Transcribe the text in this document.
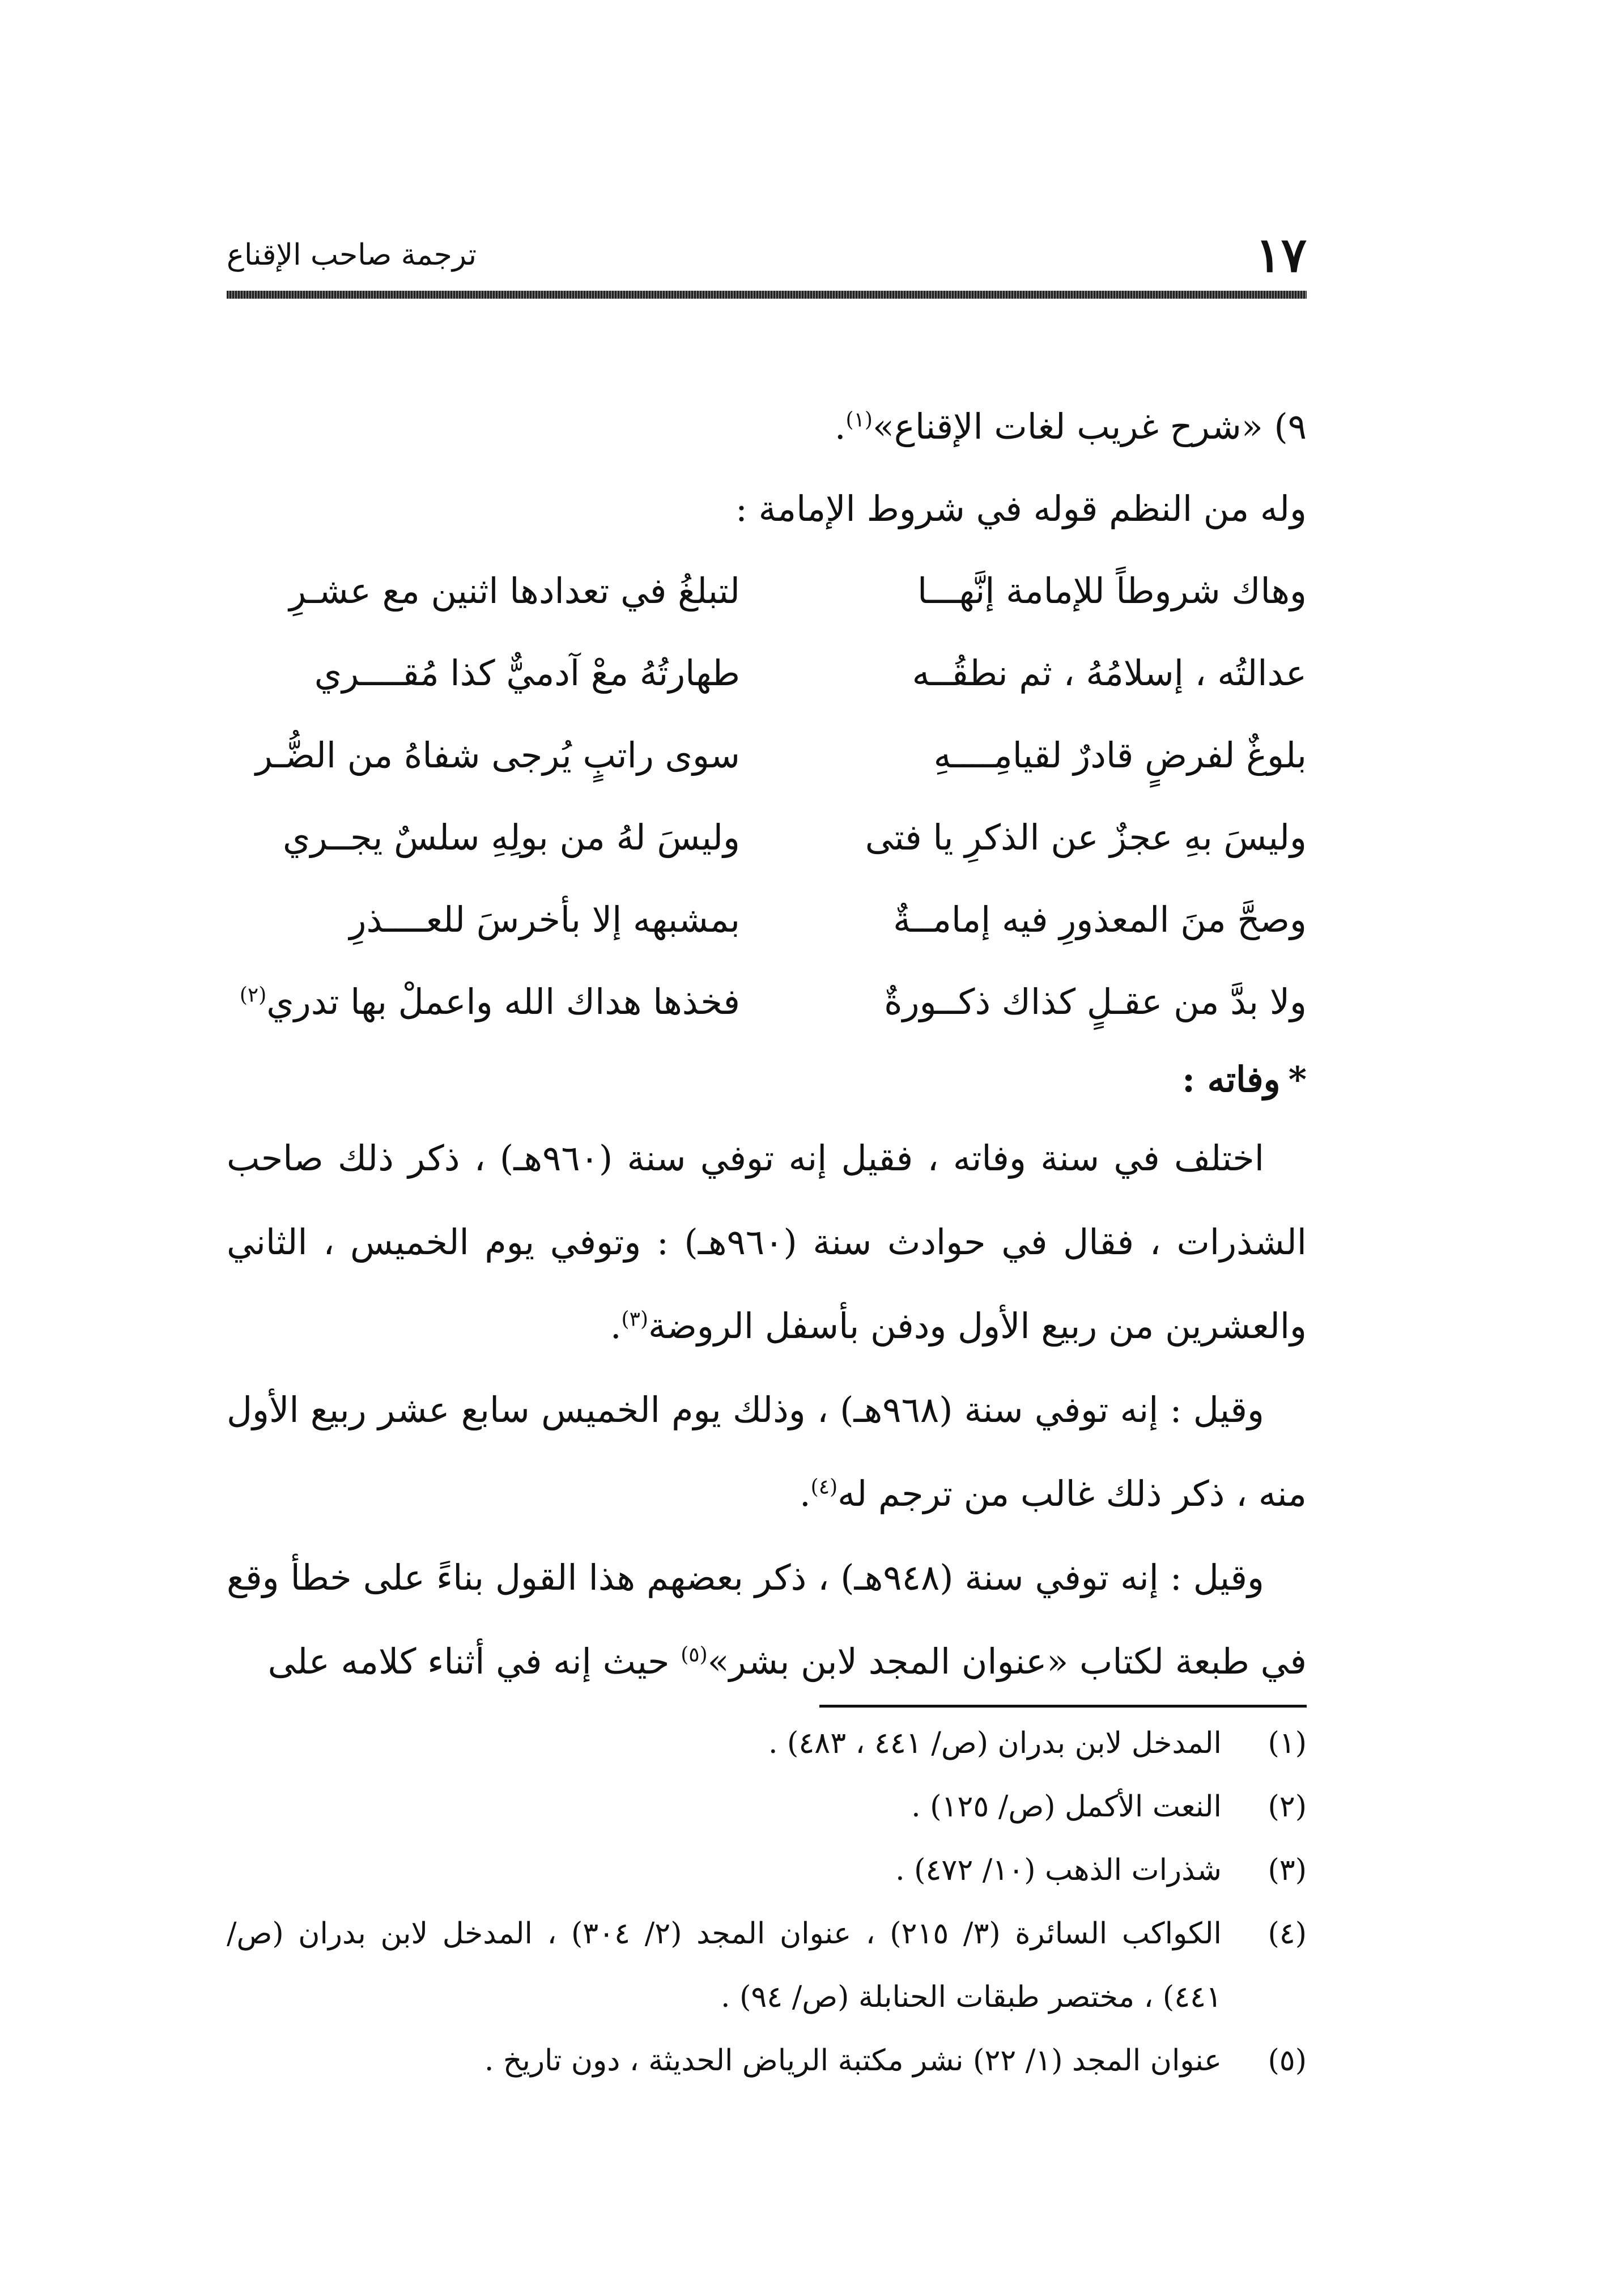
١٧
ترجمة صاحب الإقناع
٩) «شرح غريب لغات الإقناع»$^{(١)}$.
وله من النظم قوله في شروط الإمامة :
وهاك شروطاً للإمامة إنَّهـــا
لتبلغُ في تعدادها اثنين مع عشـرِ
عدالتُه ، إسلامُهُ ، ثم نطقُــه
طهارتُهُ معْ آدميٌّ كذا مُقــــري
بلوغٌ لفرضٍ قادرٌ لقيامِــــهِ
سوى راتبٍ يُرجى شفاهُ من الضُّـر
وليسَ بهِ عجزٌ عن الذكرِ يا فتى
وليسَ لهُ من بولِهِ سلسٌ يجــري
وصحَّ منَ المعذورِ فيه إمامــةٌ
بمشبهه إلا بأخرسَ للعــــذرِ
ولا بدَّ من عقـلٍ كذاك ذكــورةٌ
فخذها هداك الله واعملْ بها تدري$^{(٢)}$
*وفاته :

اختلف في سنة وفاته ، فقيل إنه توفي سنة (٩٦٠هـ) ، ذكر ذلك صاحب الشذرات ، فقال في حوادث سنة (٩٦٠هـ) : وتوفي يوم الخميس ، الثاني والعشرين من ربيع الأول ودفن بأسفل الروضة$^{(٣)}$.

وقيل : إنه توفي سنة (٩٦٨هـ) ، وذلك يوم الخميس سابع عشر ربيع الأول منه ، ذكر ذلك غالب من ترجم له$^{(٤)}$.

وقيل : إنه توفي سنة (٩٤٨هـ) ، ذكر بعضهم هذا القول بناءً على خطأ وقع في طبعة لكتاب «عنوان المجد لابن بشر»$^{(٥)}$ حيث إنه في أثناء كلامه على

(١)
المدخل لابن بدران (ص/ ٤٤١ ، ٤٨٣) .
(٢)
النعت الأكمل (ص/ ١٢٥) .
(٣)
شذرات الذهب (١٠/ ٤٧٢) .
(٤)
الكواكب السائرة (٣/ ٢١٥) ، عنوان المجد (٢/ ٣٠٤) ، المدخل لابن بدران (ص/ ٤٤١) ، مختصر طبقات الحنابلة (ص/ ٩٤) .
(٥)
عنوان المجد (١/ ٢٢) نشر مكتبة الرياض الحديثة ، دون تاريخ .
